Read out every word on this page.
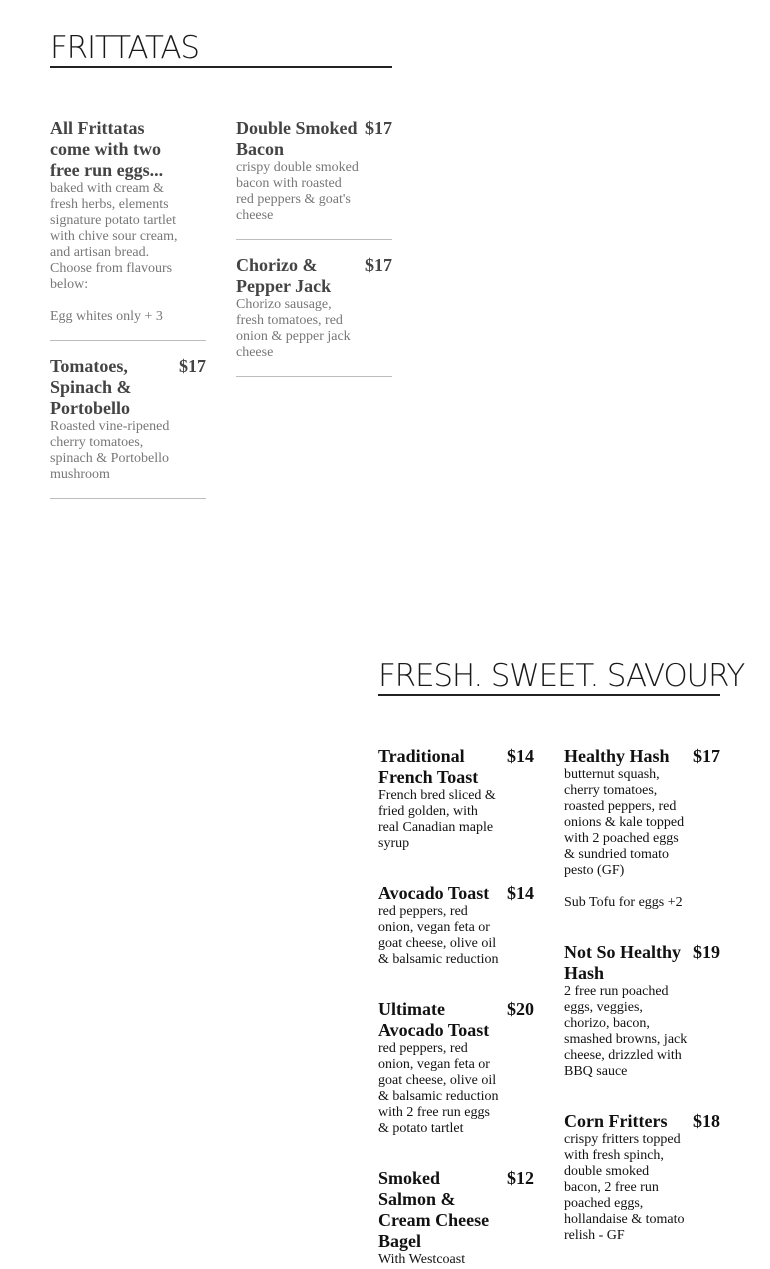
FRITTATAS
All Frittatas come with two free run eggs...
baked with cream & fresh herbs, elements signature potato tartlet with chive sour cream, and artisan bread. Choose from flavours below:
Egg whites only + 3
Tomatoes, Spinach & Portobello
$17
Roasted vine-ripened cherry tomatoes, spinach & Portobello mushroom
Double Smoked Bacon
$17
crispy double smoked bacon with roasted red peppers & goat's cheese
Chorizo & Pepper Jack
$17
Chorizo sausage, fresh tomatoes, red onion & pepper jack cheese
FRESH. SWEET. SAVOURY
Traditional French Toast
$14
French bred sliced & fried golden, with real Canadian maple syrup
Avocado Toast $14
red peppers, red onion, vegan feta or goat cheese, olive oil & balsamic reduction
Ultimate Avocado Toast
$20
red peppers, red onion, vegan feta or goat cheese, olive oil & balsamic reduction with 2 free run eggs & potato tartlet
Smoked Salmon & Cream Cheese Bagel
$12
With Westcoast
Healthy Hash	$17
butternut squash, cherry tomatoes, roasted peppers, red onions & kale topped with 2 poached eggs & sundried tomato pesto (GF)
Sub Tofu for eggs +2
Not So Healthy Hash
$19
2 free run poached eggs, veggies, chorizo, bacon, smashed browns, jack cheese, drizzled with BBQ sauce
Corn Fritters	$18
crispy fritters topped with fresh spinch, double smoked bacon, 2 free run poached eggs, hollandaise & tomato relish - GF
